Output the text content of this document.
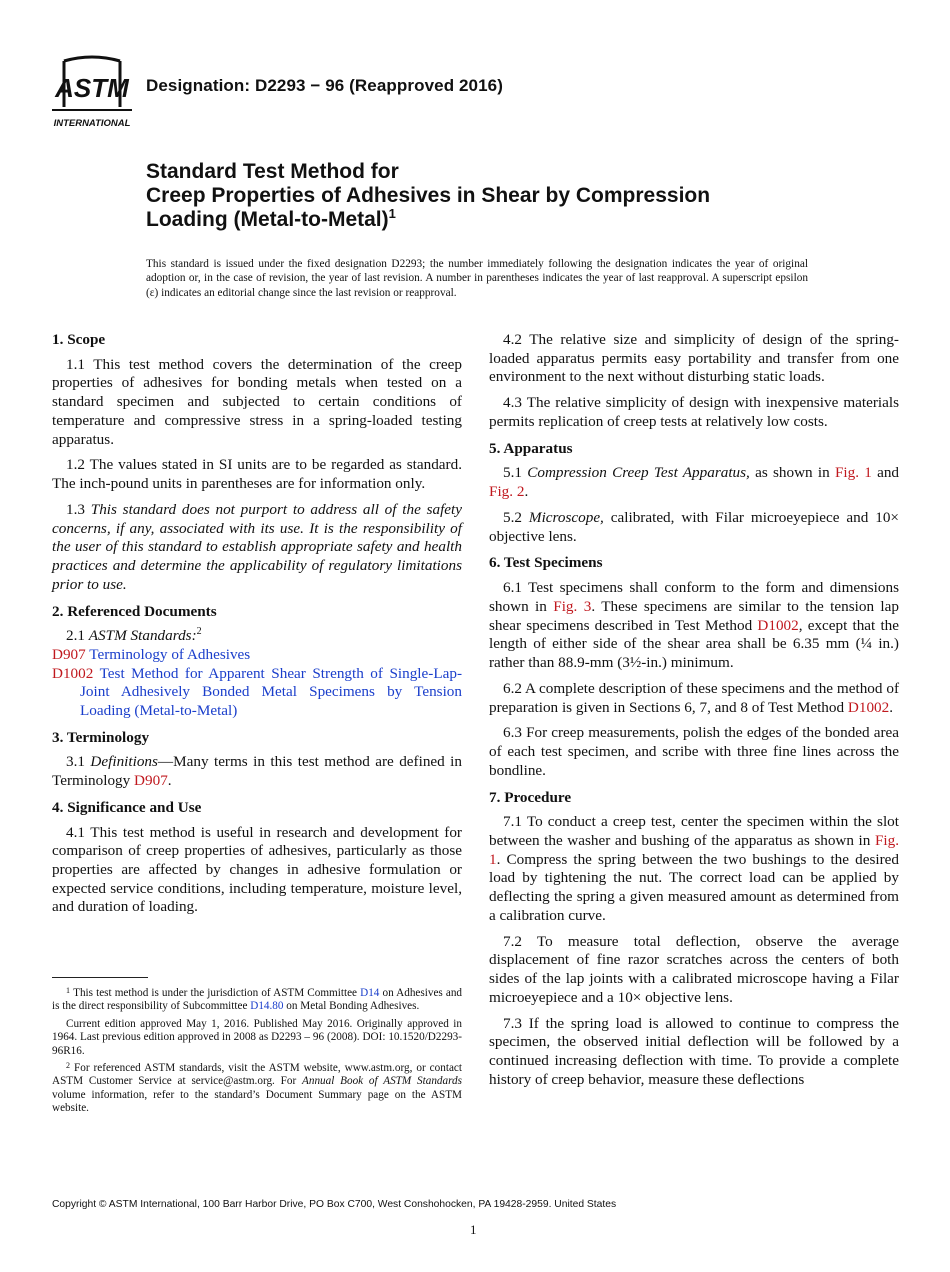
ASTM
INTERNATIONAL
Designation: D2293 − 96 (Reapproved 2016)
Standard Test Method for
Creep Properties of Adhesives in Shear by Compression
Loading (Metal-to-Metal)$^1$
This standard is issued under the fixed designation D2293; the number immediately following the designation indicates the year of original adoption or, in the case of revision, the year of last revision. A number in parentheses indicates the year of last reapproval. A superscript epsilon (ε) indicates an editorial change since the last revision or reapproval.
1. Scope

1.1 This test method covers the determination of the creep properties of adhesives for bonding metals when tested on a standard specimen and subjected to certain conditions of temperature and compressive stress in a spring-loaded testing apparatus.

1.2 The values stated in SI units are to be regarded as standard. The inch-pound units in parentheses are for information only.

1.3 This standard does not purport to address all of the safety concerns, if any, associated with its use. It is the responsibility of the user of this standard to establish appropriate safety and health practices and determine the applicability of regulatory limitations prior to use.

2. Referenced Documents

2.1 ASTM Standards:$^2$

D907 Terminology of Adhesives

D1002 Test Method for Apparent Shear Strength of Single-Lap-Joint Adhesively Bonded Metal Specimens by Tension Loading (Metal-to-Metal)

3. Terminology

3.1 Definitions—Many terms in this test method are defined in Terminology D907.

4. Significance and Use

4.1 This test method is useful in research and development for comparison of creep properties of adhesives, particularly as those properties are affected by changes in adhesive formulation or expected service conditions, including temperature, moisture level, and duration of loading.

$^1$ This test method is under the jurisdiction of ASTM Committee D14 on Adhesives and is the direct responsibility of Subcommittee D14.80 on Metal Bonding Adhesives.

Current edition approved May 1, 2016. Published May 2016. Originally approved in 1964. Last previous edition approved in 2008 as D2293 – 96 (2008). DOI: 10.1520/D2293-96R16.

$^2$ For referenced ASTM standards, visit the ASTM website, www.astm.org, or contact ASTM Customer Service at service@astm.org. For Annual Book of ASTM Standards volume information, refer to the standard’s Document Summary page on the ASTM website.

4.2 The relative size and simplicity of design of the spring-loaded apparatus permits easy portability and transfer from one environment to the next without disturbing static loads.

4.3 The relative simplicity of design with inexpensive materials permits replication of creep tests at relatively low costs.

5. Apparatus

5.1 Compression Creep Test Apparatus, as shown in Fig. 1 and Fig. 2.

5.2 Microscope, calibrated, with Filar microeyepiece and 10× objective lens.

6. Test Specimens

6.1 Test specimens shall conform to the form and dimensions shown in Fig. 3. These specimens are similar to the tension lap shear specimens described in Test Method D1002, except that the length of either side of the shear area shall be 6.35 mm (¼ in.) rather than 88.9-mm (3½-in.) minimum.

6.2 A complete description of these specimens and the method of preparation is given in Sections 6, 7, and 8 of Test Method D1002.

6.3 For creep measurements, polish the edges of the bonded area of each test specimen, and scribe with three fine lines across the bondline.

7. Procedure

7.1 To conduct a creep test, center the specimen within the slot between the washer and bushing of the apparatus as shown in Fig. 1. Compress the spring between the two bushings to the desired load by tightening the nut. The correct load can be applied by deflecting the spring a given measured amount as determined from a calibration curve.

7.2 To measure total deflection, observe the average displacement of fine razor scratches across the centers of both sides of the lap joints with a calibrated microscope having a Filar microeyepiece and a 10× objective lens.

7.3 If the spring load is allowed to continue to compress the specimen, the observed initial deflection will be followed by a continued increasing deflection with time. To provide a complete history of creep behavior, measure these deflections

Copyright © ASTM International, 100 Barr Harbor Drive, PO Box C700, West Conshohocken, PA 19428-2959. United States
1
